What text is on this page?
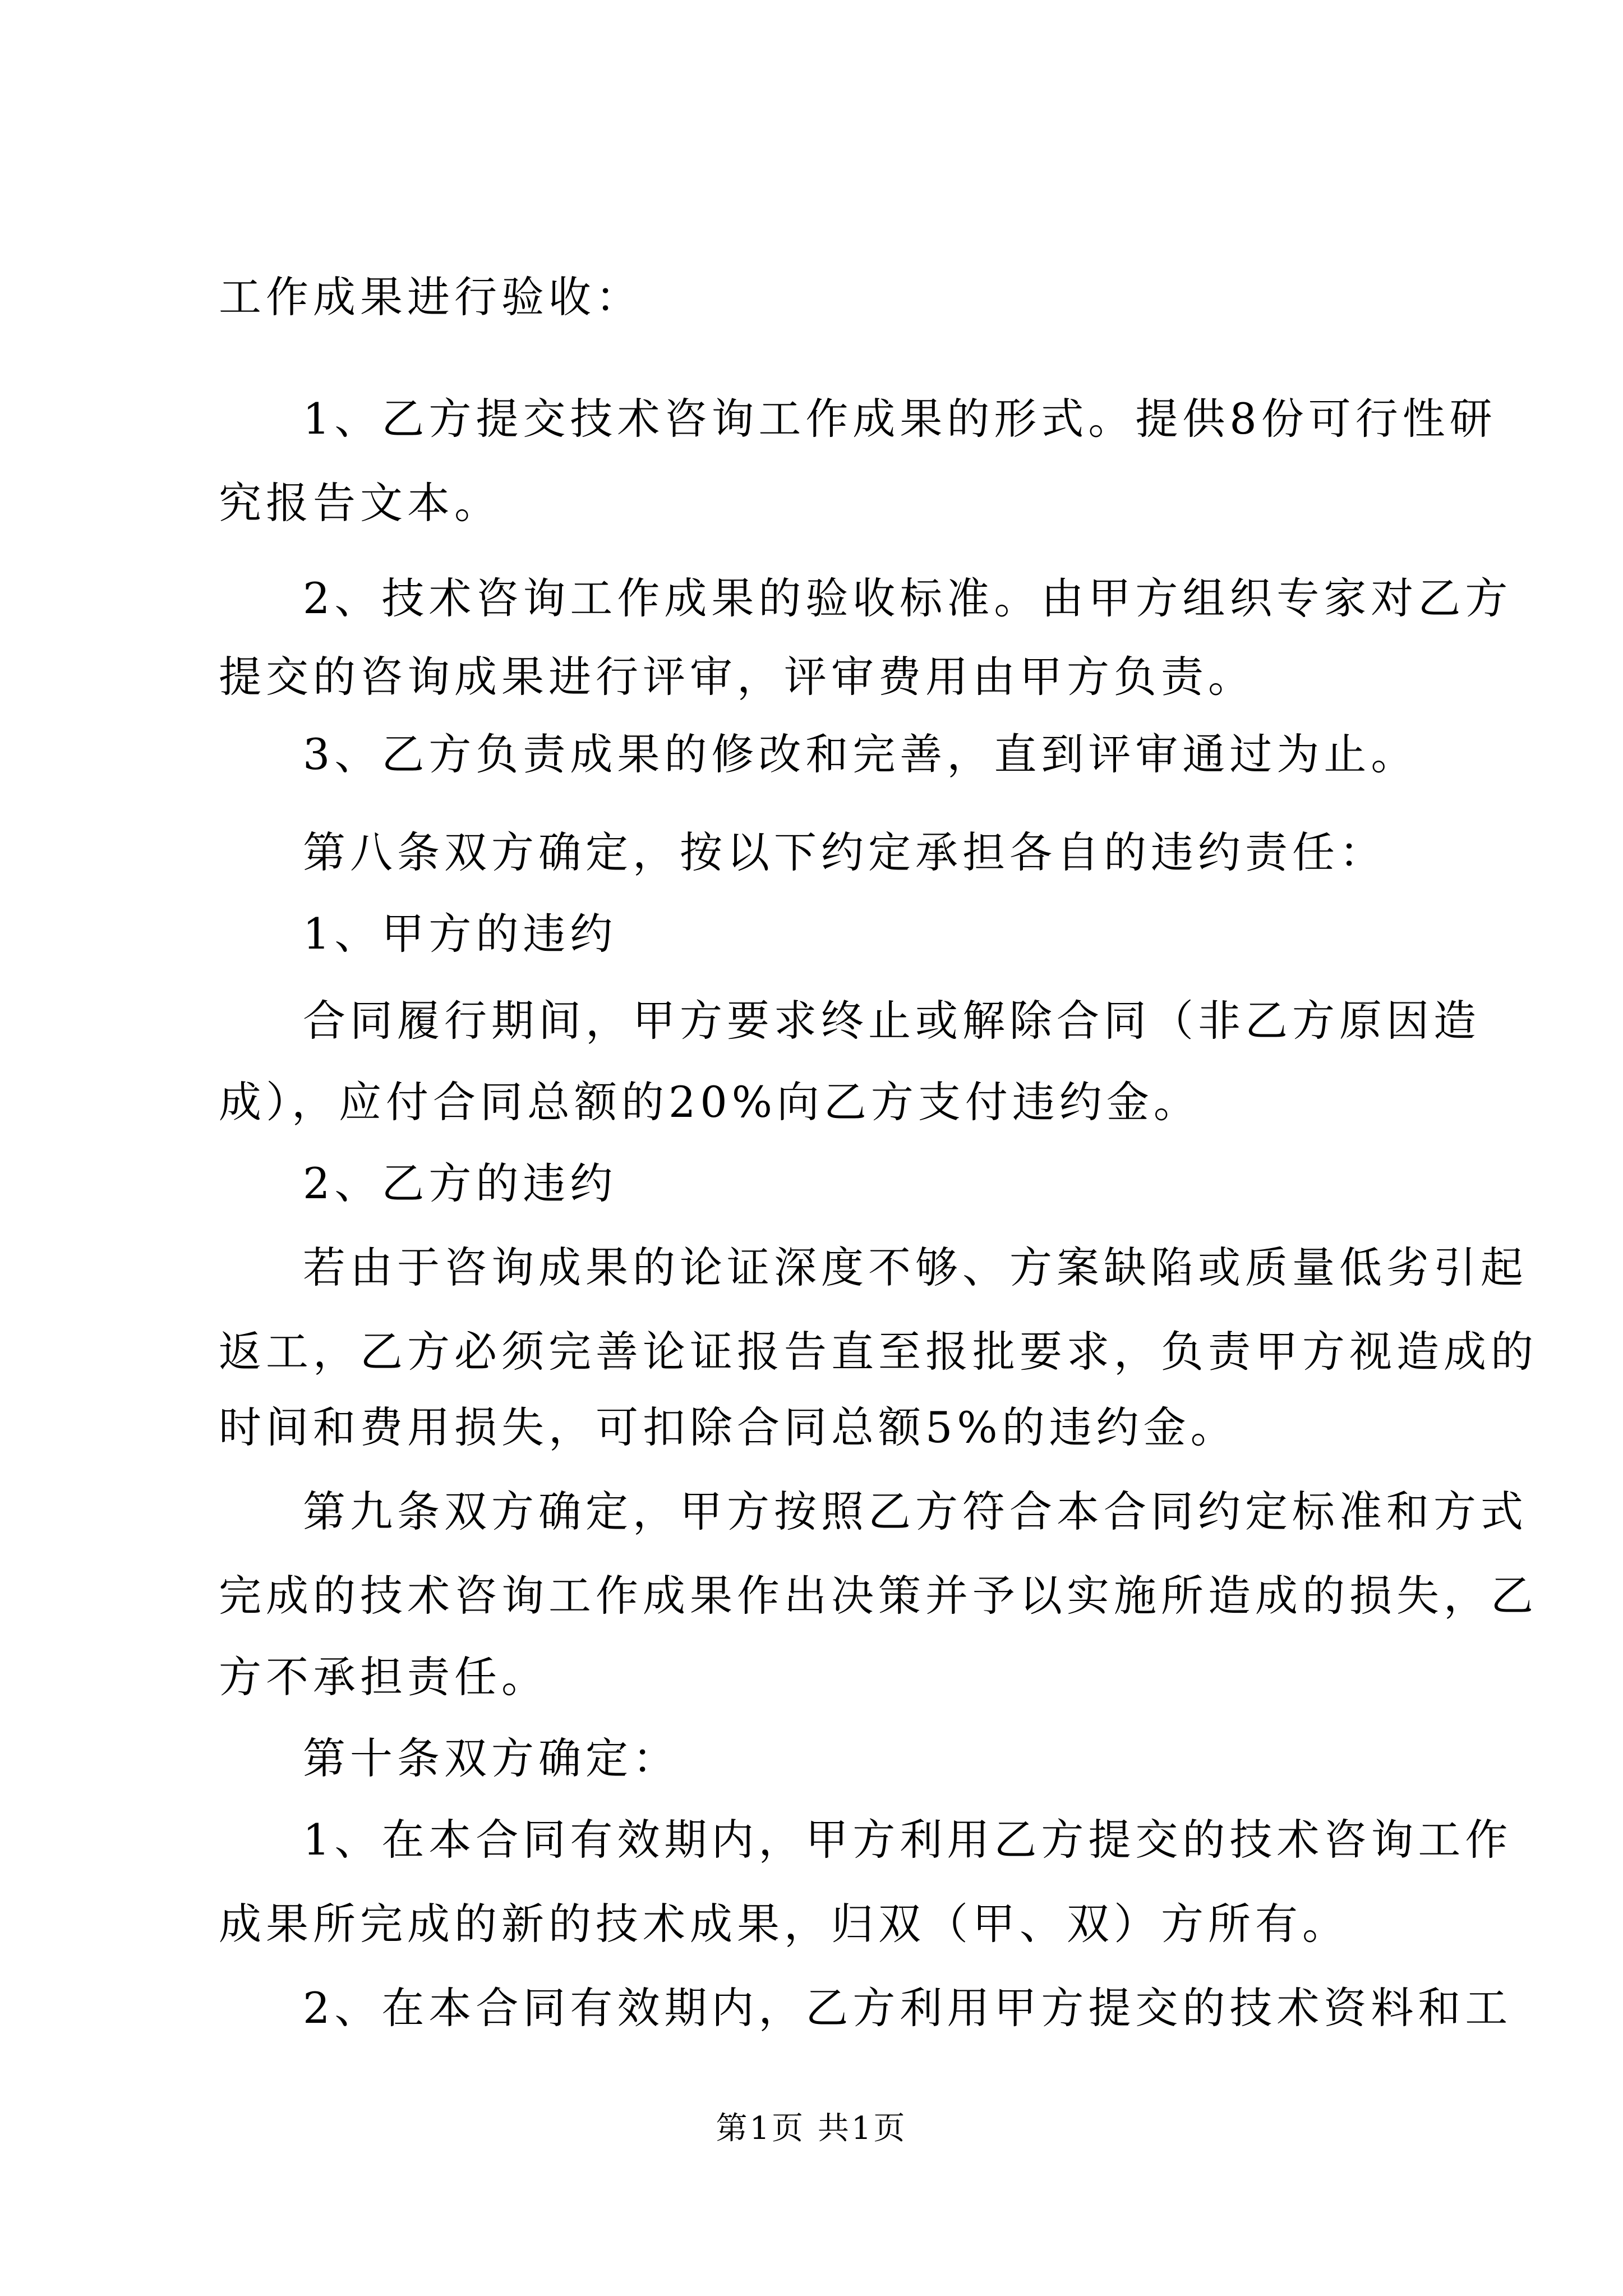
工作成果进行验收：
1、乙方提交技术咨询工作成果的形式。提供8份可行性研
究报告文本。
2、技术咨询工作成果的验收标准。由甲方组织专家对乙方
提交的咨询成果进行评审，评审费用由甲方负责。
3、乙方负责成果的修改和完善，直到评审通过为止。
第八条双方确定，按以下约定承担各自的违约责任：
1、甲方的违约
合同履行期间，甲方要求终止或解除合同（非乙方原因造
成），应付合同总额的20%向乙方支付违约金。
2、乙方的违约
若由于咨询成果的论证深度不够、方案缺陷或质量低劣引起
返工，乙方必须完善论证报告直至报批要求，负责甲方视造成的
时间和费用损失，可扣除合同总额5%的违约金。
第九条双方确定，甲方按照乙方符合本合同约定标准和方式
完成的技术咨询工作成果作出决策并予以实施所造成的损失，乙
方不承担责任。
第十条双方确定：
1、在本合同有效期内，甲方利用乙方提交的技术咨询工作
成果所完成的新的技术成果，归双（甲、双）方所有。
2、在本合同有效期内，乙方利用甲方提交的技术资料和工
第1页 共1页
